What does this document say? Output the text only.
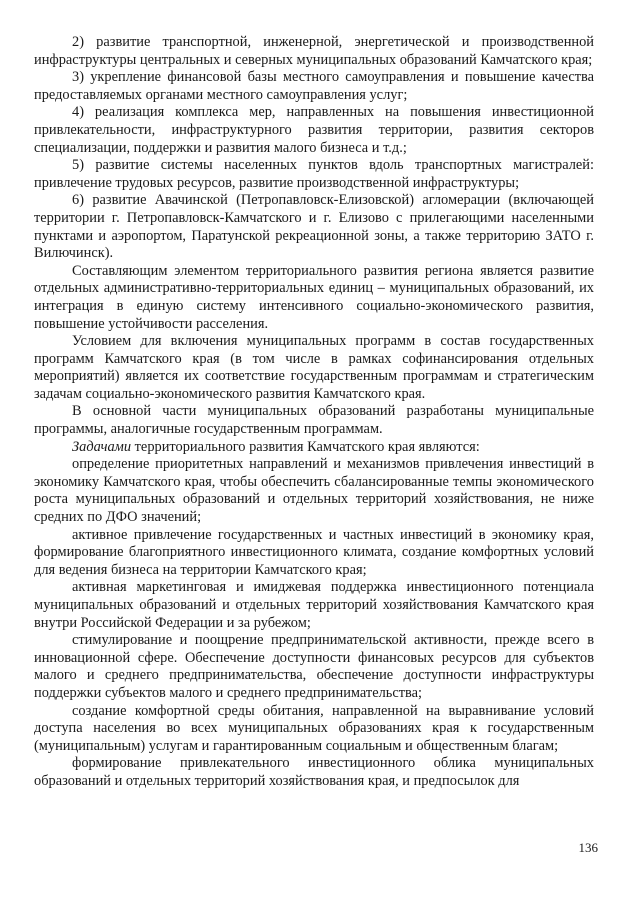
2) развитие транспортной, инженерной, энергетической и производственной инфраструктуры центральных и северных муниципальных образований Камчатского края;

3) укрепление финансовой базы местного самоуправления и повышение качества предоставляемых органами местного самоуправления услуг;

4) реализация комплекса мер, направленных на повышения инвестиционной привлекательности, инфраструктурного развития территории, развития секторов специализации, поддержки и развития малого бизнеса и т.д.;

5) развитие системы населенных пунктов вдоль транспортных магистралей: привлечение трудовых ресурсов, развитие производственной инфраструктуры;

6) развитие Авачинской (Петропавловск-Елизовской) агломерации (включающей территории г. Петропавловск-Камчатского и г. Елизово с прилегающими населенными пунктами и аэропортом, Паратунской рекреационной зоны, а также территорию ЗАТО г. Вилючинск).

Составляющим элементом территориального развития региона является развитие отдельных административно-территориальных единиц – муниципальных образований, их интеграция в единую систему интенсивного социально-экономического развития, повышение устойчивости расселения.

Условием для включения муниципальных программ в состав государственных программ Камчатского края (в том числе в рамках софинансирования отдельных мероприятий) является их соответствие государственным программам и стратегическим задачам социально-экономического развития Камчатского края.

В основной части муниципальных образований разработаны муниципальные программы, аналогичные государственным программам.

Задачами территориального развития Камчатского края являются:

определение приоритетных направлений и механизмов привлечения инвестиций в экономику Камчатского края, чтобы обеспечить сбалансированные темпы экономического роста муниципальных образований и отдельных территорий хозяйствования, не ниже средних по ДФО значений;

активное привлечение государственных и частных инвестиций в экономику края, формирование благоприятного инвестиционного климата, создание комфортных условий для ведения бизнеса на территории Камчатского края;

активная маркетинговая и имиджевая поддержка инвестиционного потенциала муниципальных образований и отдельных территорий хозяйствования Камчатского края внутри Российской Федерации и за рубежом;

стимулирование и поощрение предпринимательской активности, прежде всего в инновационной сфере. Обеспечение доступности финансовых ресурсов для субъектов малого и среднего предпринимательства, обеспечение доступности инфраструктуры поддержки субъектов малого и среднего предпринимательства;

создание комфортной среды обитания, направленной на выравнивание условий доступа населения во всех муниципальных образованиях края к государственным (муниципальным) услугам и гарантированным социальным и общественным благам;

формирование привлекательного инвестиционного облика муниципальных образований и отдельных территорий хозяйствования края, и предпосылок для

136
